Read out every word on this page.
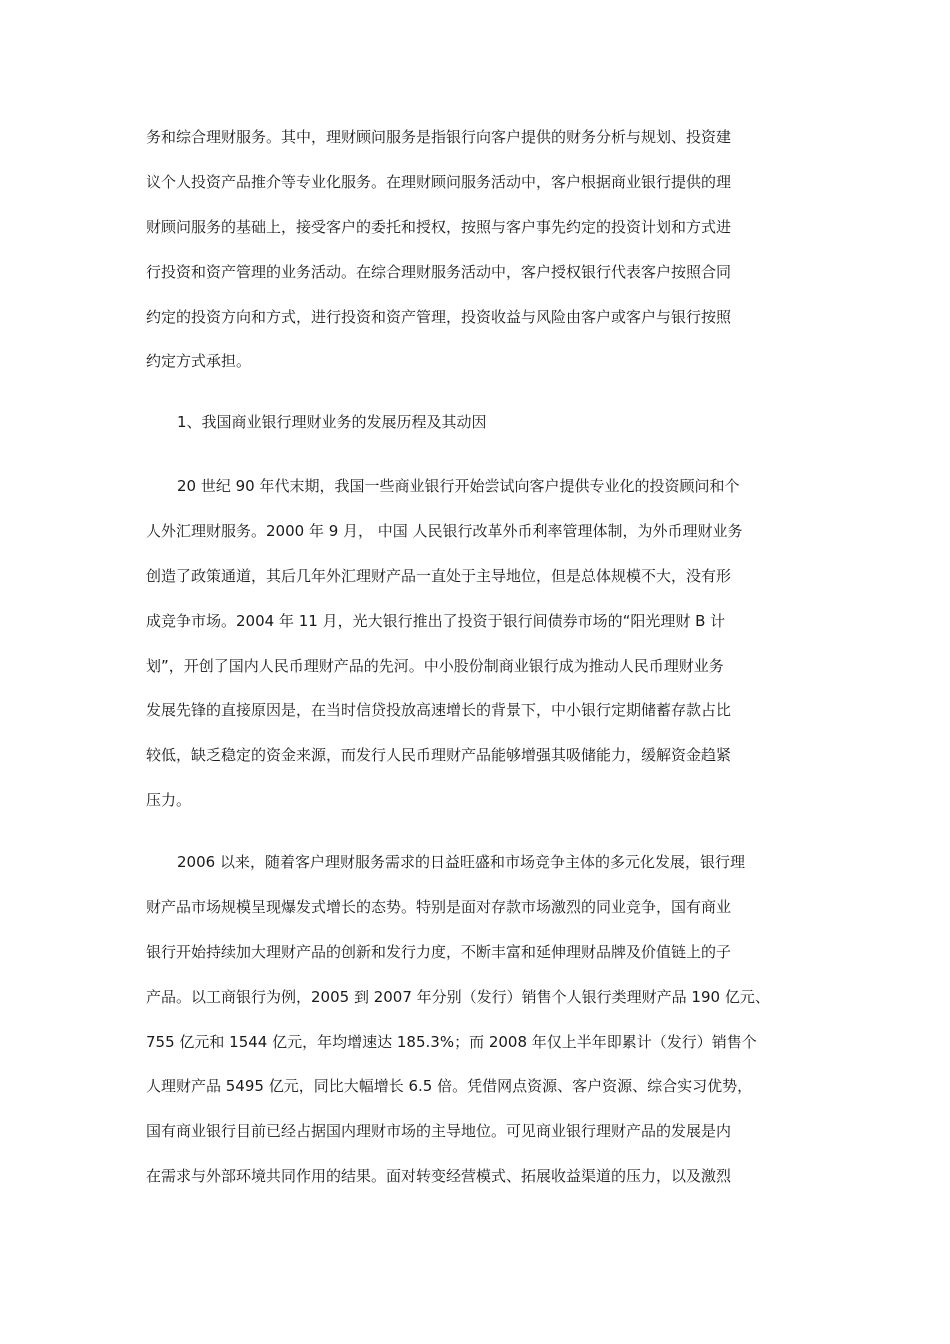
务和综合理财服务。其中，理财顾问服务是指银行向客户提供的财务分析与规划、投资建
议个人投资产品推介等专业化服务。在理财顾问服务活动中，客户根据商业银行提供的理
财顾问服务的基础上，接受客户的委托和授权，按照与客户事先约定的投资计划和方式进
行投资和资产管理的业务活动。在综合理财服务活动中，客户授权银行代表客户按照合同
约定的投资方向和方式，进行投资和资产管理，投资收益与风险由客户或客户与银行按照
约定方式承担。
1、我国商业银行理财业务的发展历程及其动因
20 世纪 90 年代末期，我国一些商业银行开始尝试向客户提供专业化的投资顾问和个
人外汇理财服务。2000 年 9 月， 中国 人民银行改革外币利率管理体制，为外币理财业务
创造了政策通道，其后几年外汇理财产品一直处于主导地位，但是总体规模不大，没有形
成竞争市场。2004 年 11 月，光大银行推出了投资于银行间债券市场的“阳光理财 B 计
划”，开创了国内人民币理财产品的先河。中小股份制商业银行成为推动人民币理财业务
发展先锋的直接原因是，在当时信贷投放高速增长的背景下，中小银行定期储蓄存款占比
较低，缺乏稳定的资金来源，而发行人民币理财产品能够增强其吸储能力，缓解资金趋紧
压力。
2006 以来，随着客户理财服务需求的日益旺盛和市场竞争主体的多元化发展，银行理
财产品市场规模呈现爆发式增长的态势。特别是面对存款市场激烈的同业竞争，国有商业
银行开始持续加大理财产品的创新和发行力度，不断丰富和延伸理财品牌及价值链上的子
产品。以工商银行为例，2005 到 2007 年分别（发行）销售个人银行类理财产品 190 亿元、
755 亿元和 1544 亿元，年均增速达 185.3%；而 2008 年仅上半年即累计（发行）销售个
人理财产品 5495 亿元，同比大幅增长 6.5 倍。凭借网点资源、客户资源、综合实习优势，
国有商业银行目前已经占据国内理财市场的主导地位。可见商业银行理财产品的发展是内
在需求与外部环境共同作用的结果。面对转变经营模式、拓展收益渠道的压力，以及激烈
